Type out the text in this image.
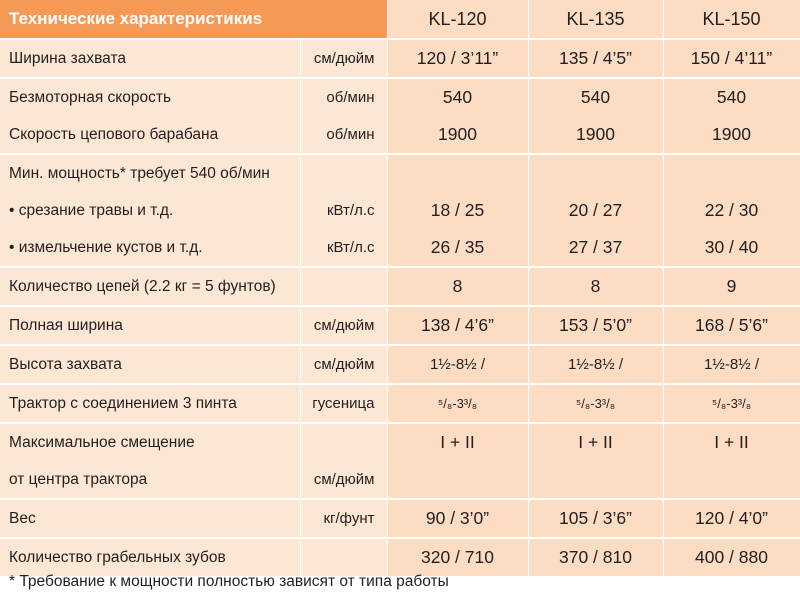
Технические характеристикиs		KL-120	KL-135	KL-150
Ширина захвата	см/дюйм	120 / 3’11”	135 / 4’5”	150 / 4’11”
Безмоторная скорость	об/мин	540	540	540
Скорость цепового барабана	об/мин	1900	1900	1900
Мин. мощность* требует 540 об/мин				
• срезание травы и т.д.	кВт/л.с	18 / 25	20 / 27	22 / 30
• измельчение кустов и т.д.	кВт/л.с	26 / 35	27 / 37	30 / 40
Количество цепей (2.2 кг = 5 фунтов)		8	8	9
Полная ширина	см/дюйм	138 / 4’6”	153 / 5’0”	168 / 5’6”
Высота захвата	см/дюйм	1½-8½ /	1½-8½ /	1½-8½ /
Трактор с соединением 3 пинта	гусеница	⁵/₈-3³/₈	⁵/₈-3³/₈	⁵/₈-3³/₈
Максимальное смещение		I + II	I + II	I + II
от центра трактора	см/дюйм			
Вес	кг/фунт	90 / 3’0”	105 / 3’6”	120 / 4’0”
Количество грабельных зубов		320 / 710	370 / 810	400 / 880
* Требование к мощности полностью зависят от типа работы
